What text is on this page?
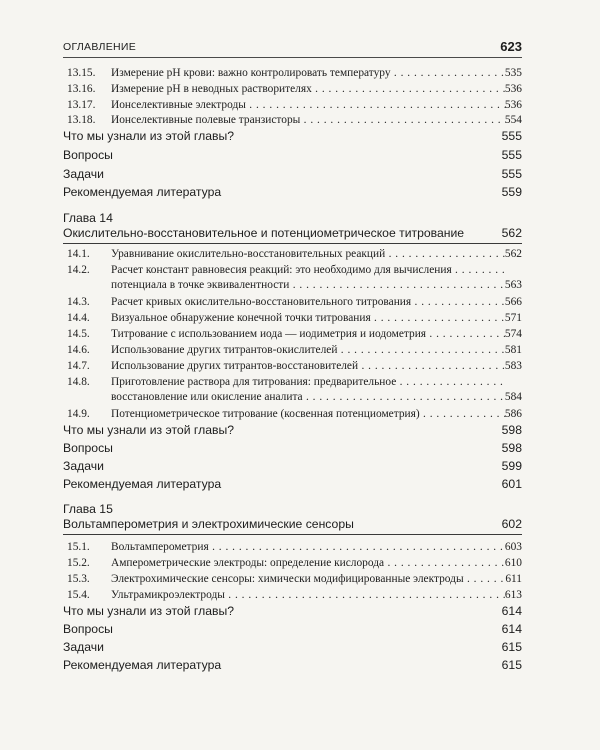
ОГЛАВЛЕНИЕ	623
13.15. Измерение pH крови: важно контролировать температуру . . .	535
13.16. Измерение pH в неводных растворителях . . .	536
13.17. Ионселективные электроды . . .	536
13.18. Ионселективные полевые транзисторы . . .	554
Что мы узнали из этой главы?	555
Вопросы	555
Задачи	555
Рекомендуемая литература	559
Глава 14
Окислительно-восстановительное и потенциометрическое титрование	562
14.1. Уравнивание окислительно-восстановительных реакций . . .	562
14.2. Расчет констант равновесия реакций: это необходимо для вычисления . . .
потенциала в точке эквивалентности . . .	563
14.3. Расчет кривых окислительно-восстановительного титрования . . .	566
14.4. Визуальное обнаружение конечной точки титрования . . .	571
14.5. Титрование с использованием иода — иодиметрия и иодометрия . . .	574
14.6. Использование других титрантов-окислителей . . .	581
14.7. Использование других титрантов-восстановителей . . .	583
14.8. Приготовление раствора для титрования: предварительное . . .
восстановление или окисление аналита . . .	584
14.9. Потенциометрическое титрование (косвенная потенциометрия) . . .	586
Что мы узнали из этой главы?	598
Вопросы	598
Задачи	599
Рекомендуемая литература	601
Глава 15
Вольтамперометрия и электрохимические сенсоры	602
15.1. Вольтамперометрия . . .	603
15.2. Амперометрические электроды: определение кислорода . . .	610
15.3. Электрохимические сенсоры: химически модифицированные электроды . . .	611
15.4. Ультрамикроэлектроды . . .	613
Что мы узнали из этой главы?	614
Вопросы	614
Задачи	615
Рекомендуемая литература	615
